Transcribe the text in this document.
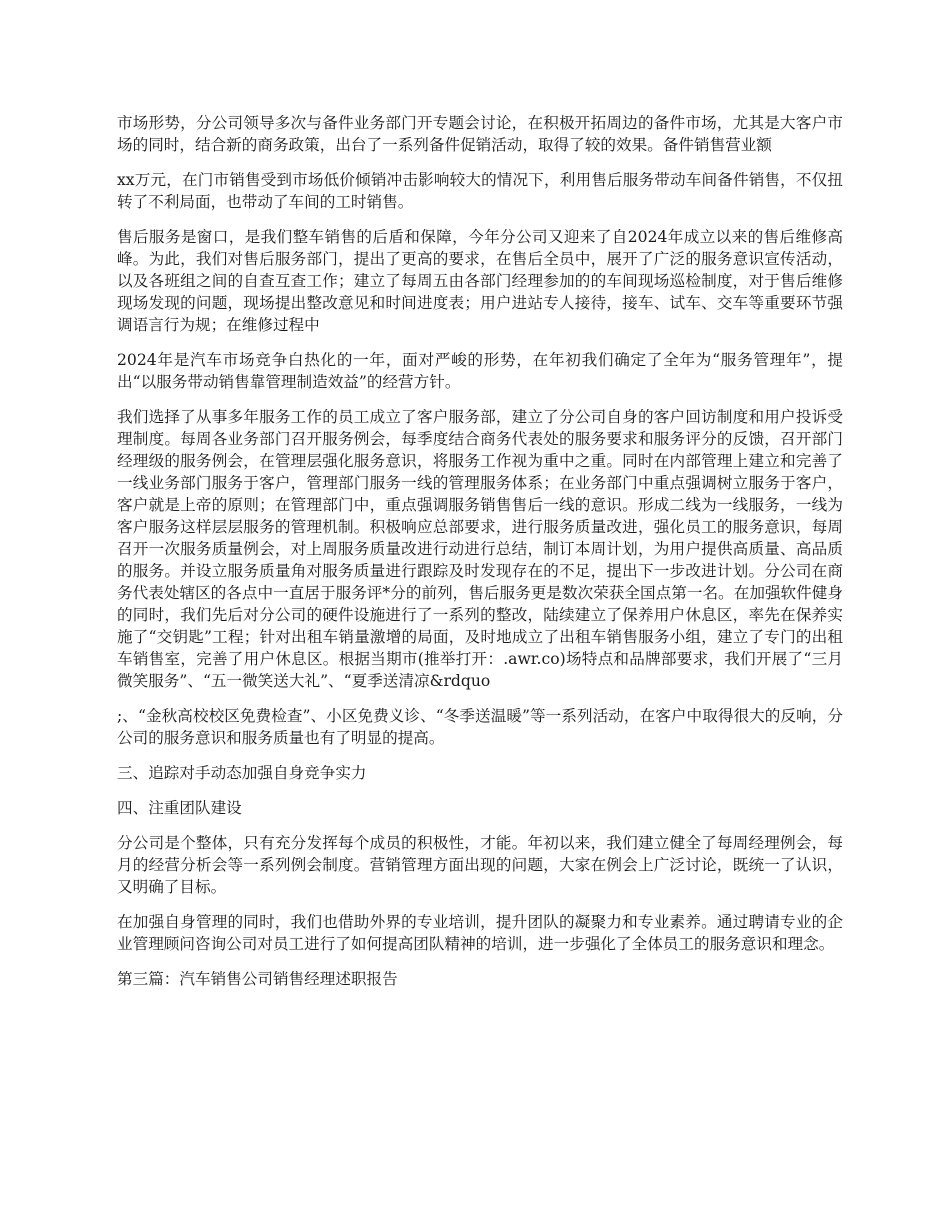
市场形势，分公司领导多次与备件业务部门开专题会讨论，在积极开拓周边的备件市场，尤其是大客户市场的同时，结合新的商务政策，出台了一系列备件促销活动，取得了较的效果。备件销售营业额

xx万元，在门市销售受到市场低价倾销冲击影响较大的情况下，利用售后服务带动车间备件销售，不仅扭转了不利局面，也带动了车间的工时销售。

售后服务是窗口，是我们整车销售的后盾和保障，今年分公司又迎来了自2024年成立以来的售后维修高峰。为此，我们对售后服务部门，提出了更高的要求，在售后全员中，展开了广泛的服务意识宣传活动，以及各班组之间的自查互查工作；建立了每周五由各部门经理参加的的车间现场巡检制度，对于售后维修现场发现的问题，现场提出整改意见和时间进度表；用户进站专人接待，接车、试车、交车等重要环节强调语言行为规；在维修过程中

2024年是汽车市场竞争白热化的一年，面对严峻的形势，在年初我们确定了全年为“服务管理年”，提出“以服务带动销售靠管理制造效益”的经营方针。

我们选择了从事多年服务工作的员工成立了客户服务部，建立了分公司自身的客户回访制度和用户投诉受理制度。每周各业务部门召开服务例会，每季度结合商务代表处的服务要求和服务评分的反馈，召开部门经理级的服务例会，在管理层强化服务意识，将服务工作视为重中之重。同时在内部管理上建立和完善了一线业务部门服务于客户，管理部门服务一线的管理服务体系；在业务部门中重点强调树立服务于客户，客户就是上帝的原则；在管理部门中，重点强调服务销售售后一线的意识。形成二线为一线服务，一线为客户服务这样层层服务的管理机制。积极响应总部要求，进行服务质量改进，强化员工的服务意识，每周召开一次服务质量例会，对上周服务质量改进行动进行总结，制订本周计划，为用户提供高质量、高品质的服务。并设立服务质量角对服务质量进行跟踪及时发现存在的不足，提出下一步改进计划。分公司在商务代表处辖区的各点中一直居于服务评*分的前列，售后服务更是数次荣获全国点第一名。在加强软件健身的同时，我们先后对分公司的硬件设施进行了一系列的整改，陆续建立了保养用户休息区，率先在保养实施了“交钥匙”工程；针对出租车销量激增的局面，及时地成立了出租车销售服务小组，建立了专门的出租车销售室，完善了用户休息区。根据当期市(推举打开：.awr.co)场特点和品牌部要求，我们开展了“三月微笑服务”、“五一微笑送大礼”、“夏季送清凉&rdquo

;、“金秋高校校区免费检查”、小区免费义诊、“冬季送温暖”等一系列活动，在客户中取得很大的反响，分公司的服务意识和服务质量也有了明显的提高。

三、追踪对手动态加强自身竞争实力

四、注重团队建设

分公司是个整体，只有充分发挥每个成员的积极性，才能。年初以来，我们建立健全了每周经理例会，每月的经营分析会等一系列例会制度。营销管理方面出现的问题，大家在例会上广泛讨论，既统一了认识，又明确了目标。

在加强自身管理的同时，我们也借助外界的专业培训，提升团队的凝聚力和专业素养。通过聘请专业的企业管理顾问咨询公司对员工进行了如何提高团队精神的培训，进一步强化了全体员工的服务意识和理念。

第三篇：汽车销售公司销售经理述职报告
